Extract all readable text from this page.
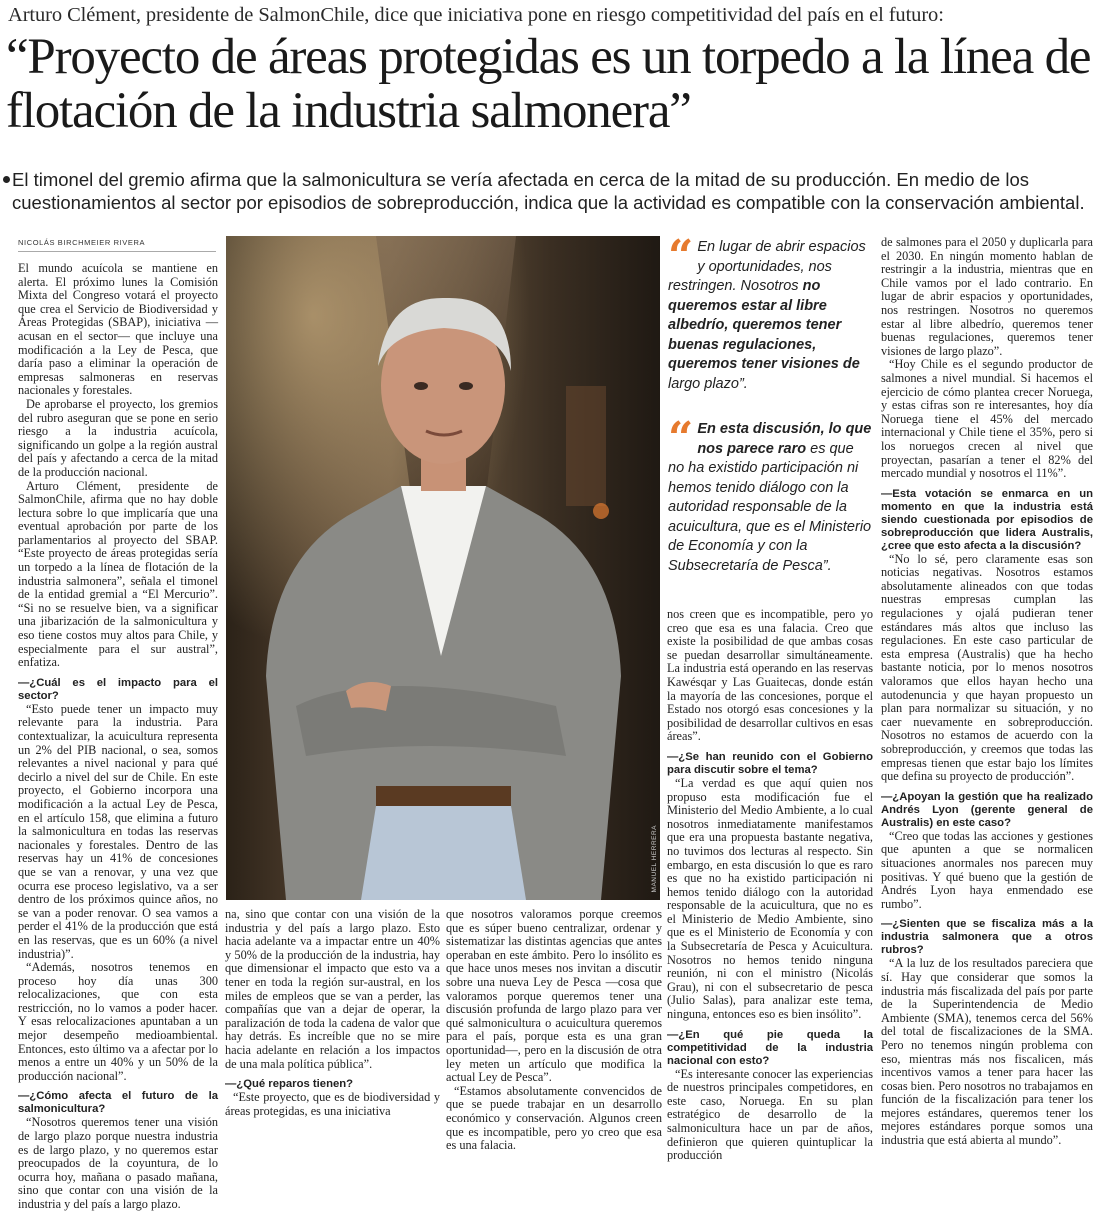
Arturo Clément, presidente de SalmonChile, dice que iniciativa pone en riesgo competitividad del país en el futuro:
“Proyecto de áreas protegidas es un torpedo a la línea de flotación de la industria salmonera”
El timonel del gremio afirma que la salmonicultura se vería afectada en cerca de la mitad de su producción. En medio de los cuestionamientos al sector por episodios de sobreproducción, indica que la actividad es compatible con la conservación ambiental.
NICOLÁS BIRCHMEIER RIVERA

El mundo acuícola se mantiene en alerta. El próximo lunes la Comisión Mixta del Congreso votará el proyecto que crea el Servicio de Biodiversidad y Áreas Protegidas (SBAP), iniciativa —acusan en el sector— que incluye una modificación a la Ley de Pesca, que daría paso a eliminar la operación de empresas salmoneras en reservas nacionales y forestales.

De aprobarse el proyecto, los gremios del rubro aseguran que se pone en serio riesgo a la industria acuícola, significando un golpe a la región austral del país y afectando a cerca de la mitad de la producción nacional.

Arturo Clément, presidente de SalmonChile, afirma que no hay doble lectura sobre lo que implicaría que una eventual aprobación por parte de los parlamentarios al proyecto del SBAP. “Este proyecto de áreas protegidas sería un torpedo a la línea de flotación de la industria salmonera”, señala el timonel de la entidad gremial a “El Mercurio”. “Si no se resuelve bien, va a significar una jibarización de la salmonicultura y eso tiene costos muy altos para Chile, y especialmente para el sur austral”, enfatiza.

—¿Cuál es el impacto para el sector?

“Esto puede tener un impacto muy relevante para la industria. Para contextualizar, la acuicultura representa un 2% del PIB nacional, o sea, somos relevantes a nivel nacional y para qué decirlo a nivel del sur de Chile. En este proyecto, el Gobierno incorpora una modificación a la actual Ley de Pesca, en el artículo 158, que elimina a futuro la salmonicultura en todas las reservas nacionales y forestales. Dentro de las reservas hay un 41% de concesiones que se van a renovar, y una vez que ocurra ese proceso legislativo, va a ser dentro de los próximos quince años, no se van a poder renovar. O sea vamos a perder el 41% de la producción que está en las reservas, que es un 60% (a nivel industria)”.

“Además, nosotros tenemos en proceso hoy día unas 300 relocalizaciones, que con esta restricción, no lo vamos a poder hacer. Y esas relocalizaciones apuntaban a un mejor desempeño medioambiental. Entonces, esto último va a afectar por lo menos a entre un 40% y un 50% de la producción nacional”.

—¿Cómo afecta el futuro de la salmonicultura?

“Nosotros queremos tener una visión de largo plazo porque nuestra industria es de largo plazo, y no queremos estar preocupados de la coyuntura, de lo ocurra hoy, mañana o pasado mañana, sino que contar con una visión de la industria y del país a largo plazo.

MANUEL HERRERA
“ En lugar de abrir espacios y oportunidades, nos restringen. Nosotros no queremos estar al libre albedrío, queremos tener buenas regulaciones, queremos tener visiones de largo plazo”.
“ En esta discusión, lo que nos parece raro es que no ha existido participación ni hemos tenido diálogo con la autoridad responsable de la acuicultura, que es el Ministerio de Economía y con la Subsecretaría de Pesca”.

na, sino que contar con una visión de la industria y del país a largo plazo. Esto hacia adelante va a impactar entre un 40% y 50% de la producción de la industria, hay que dimensionar el impacto que esto va a tener en toda la región sur-austral, en los miles de empleos que se van a perder, las compañías que van a dejar de operar, la paralización de toda la cadena de valor que hay detrás. Es increíble que no se mire hacia adelante en relación a los impactos de una mala política pública”.

—¿Qué reparos tienen?

“Este proyecto, que es de biodiversidad y áreas protegidas, es una iniciativa

que nosotros valoramos porque creemos que es súper bueno centralizar, ordenar y sistematizar las distintas agencias que antes operaban en este ámbito. Pero lo insólito es que hace unos meses nos invitan a discutir sobre una nueva Ley de Pesca —cosa que valoramos porque queremos tener una discusión profunda de largo plazo para ver qué salmonicultura o acuicultura queremos para el país, porque esta es una gran oportunidad—, pero en la discusión de otra ley meten un artículo que modifica la actual Ley de Pesca”.

“Estamos absolutamente convencidos de que se puede trabajar en un desarrollo económico y conservación. Algunos creen que es incompatible, pero yo creo que esa es una falacia.

nos creen que es incompatible, pero yo creo que esa es una falacia. Creo que existe la posibilidad de que ambas cosas se puedan desarrollar simultáneamente. La industria está operando en las reservas Kawésqar y Las Guaitecas, donde están la mayoría de las concesiones, porque el Estado nos otorgó esas concesiones y la posibilidad de desarrollar cultivos en esas áreas”.

—¿Se han reunido con el Gobierno para discutir sobre el tema?

“La verdad es que aquí quien nos propuso esta modificación fue el Ministerio del Medio Ambiente, a lo cual nosotros inmediatamente manifestamos que era una propuesta bastante negativa, no tuvimos dos lecturas al respecto. Sin embargo, en esta discusión lo que es raro es que no ha existido participación ni hemos tenido diálogo con la autoridad responsable de la acuicultura, que no es el Ministerio de Medio Ambiente, sino que es el Ministerio de Economía y con la Subsecretaría de Pesca y Acuicultura. Nosotros no hemos tenido ninguna reunión, ni con el ministro (Nicolás Grau), ni con el subsecretario de pesca (Julio Salas), para analizar este tema, ninguna, entonces eso es bien insólito”.

—¿En qué pie queda la competitividad de la industria nacional con esto?

“Es interesante conocer las experiencias de nuestros principales competidores, en este caso, Noruega. En su plan estratégico de desarrollo de la salmonicultura hace un par de años, definieron que quieren quintuplicar la producción

de salmones para el 2050 y duplicarla para el 2030. En ningún momento hablan de restringir a la industria, mientras que en Chile vamos por el lado contrario. En lugar de abrir espacios y oportunidades, nos restringen. Nosotros no queremos estar al libre albedrío, queremos tener buenas regulaciones, queremos tener visiones de largo plazo”.

“Hoy Chile es el segundo productor de salmones a nivel mundial. Si hacemos el ejercicio de cómo plantea crecer Noruega, y estas cifras son re interesantes, hoy día Noruega tiene el 45% del mercado internacional y Chile tiene el 35%, pero si los noruegos crecen al nivel que proyectan, pasarían a tener el 82% del mercado mundial y nosotros el 11%”.

—Esta votación se enmarca en un momento en que la industria está siendo cuestionada por episodios de sobreproducción que lidera Australis, ¿cree que esto afecta a la discusión?

“No lo sé, pero claramente esas son noticias negativas. Nosotros estamos absolutamente alineados con que todas nuestras empresas cumplan las regulaciones y ojalá pudieran tener estándares más altos que incluso las regulaciones. En este caso particular de esta empresa (Australis) que ha hecho bastante noticia, por lo menos nosotros valoramos que ellos hayan hecho una autodenuncia y que hayan propuesto un plan para normalizar su situación, y no caer nuevamente en sobreproducción. Nosotros no estamos de acuerdo con la sobreproducción, y creemos que todas las empresas tienen que estar bajo los límites que defina su proyecto de producción”.

—¿Apoyan la gestión que ha realizado Andrés Lyon (gerente general de Australis) en este caso?

“Creo que todas las acciones y gestiones que apunten a que se normalicen situaciones anormales nos parecen muy positivas. Y qué bueno que la gestión de Andrés Lyon haya enmendado ese rumbo”.

—¿Sienten que se fiscaliza más a la industria salmonera que a otros rubros?

“A la luz de los resultados pareciera que sí. Hay que considerar que somos la industria más fiscalizada del país por parte de la Superintendencia de Medio Ambiente (SMA), tenemos cerca del 56% del total de fiscalizaciones de la SMA. Pero no tenemos ningún problema con eso, mientras más nos fiscalicen, más incentivos vamos a tener para hacer las cosas bien. Pero nosotros no trabajamos en función de la fiscalización para tener los mejores estándares, queremos tener los mejores estándares porque somos una industria que está abierta al mundo”.
